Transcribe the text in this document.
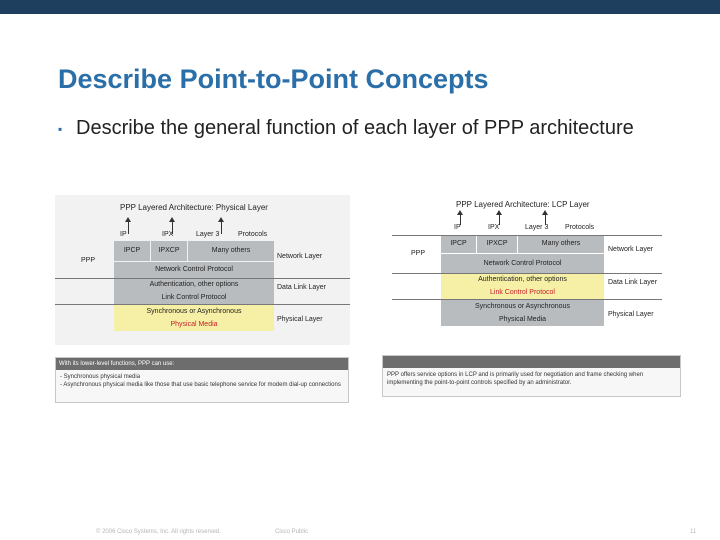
Describe Point-to-Point Concepts
▪ Describe the general function of each layer of PPP architecture
PPP Layered Architecture: Physical Layer
IP	IPX	Layer 3	Protocols
PPP
IPCP	IPXCP	Many others
Network Control Protocol
Authentication, other options
Link Control Protocol
Synchronous or Asynchronous
Physical Media
Network Layer
Data Link Layer
Physical Layer
With its lower-level functions, PPP can use:
- Synchronous physical media
- Asynchronous physical media like those that use basic telephone service for modem dial-up connections
PPP Layered Architecture: LCP Layer
IP	IPX	Layer 3 Protocols
PPP
IPCP	IPXCP	Many others
Network Control Protocol
Authentication, other options
Link Control Protocol
Synchronous or Asynchronous
Physical Media
Network Layer
Data Link Layer
Physical Layer
PPP offers service options in LCP and is primarily used for negotiation and frame checking when implementing the point-to-point controls specified by an administrator.
© 2006 Cisco Systems, Inc. All rights reserved.	Cisco Public	11
